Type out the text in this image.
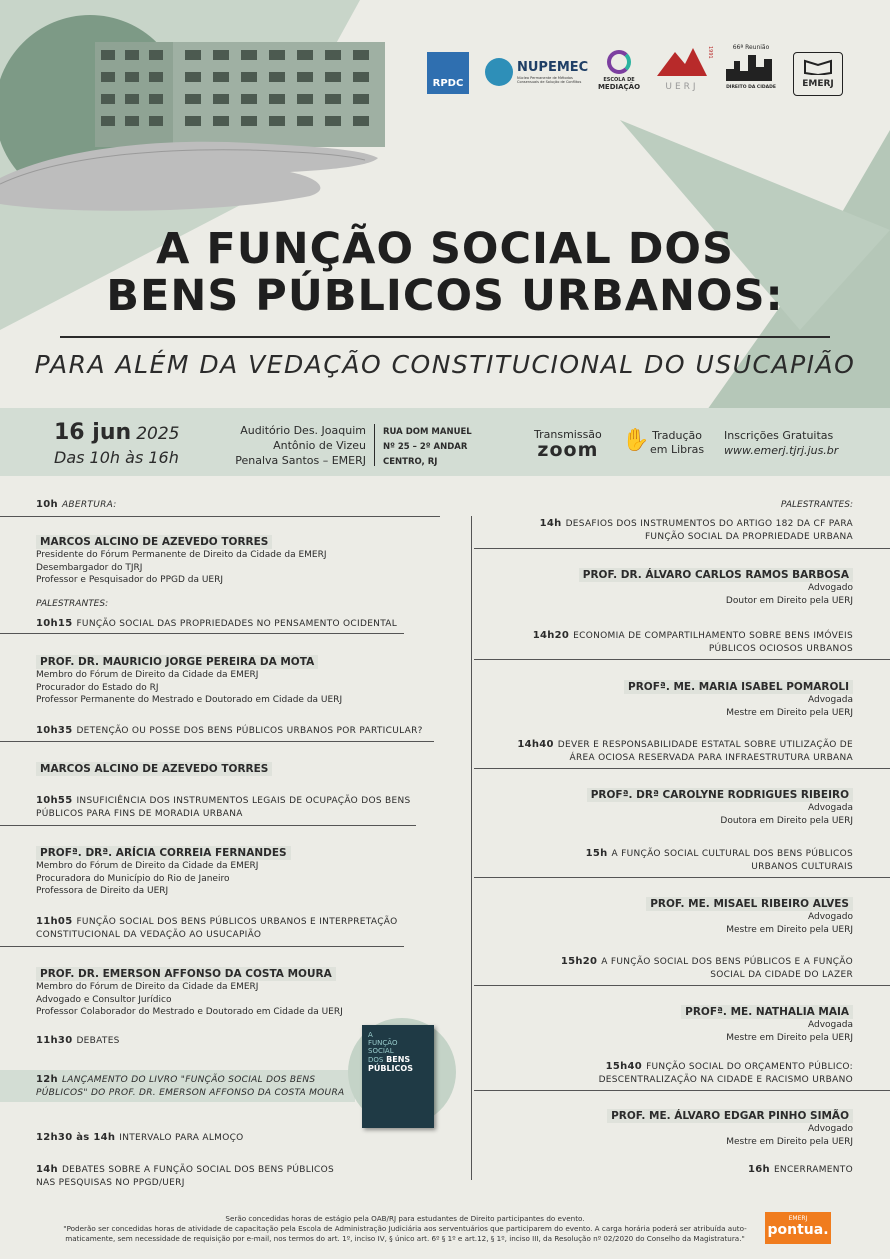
RPDC
NUPEMEC
Núcleo Permanente de Métodos Consensuais de Solução de Conflitos	ESCOLA DE
MEDIAÇÃO
PPGD
UERJ
1991	66ª Reunião
DIREITO DA CIDADE	EMERJ
A FUNÇÃO SOCIAL DOS
BENS PÚBLICOS URBANOS:
PARA ALÉM DA VEDAÇÃO CONSTITUCIONAL DO USUCAPIÃO
16 jun 2025
Das 10h às 16h
Auditório Des. Joaquim
Antônio de Vizeu
Penalva Santos – EMERJ
RUA DOM MANUEL
Nº 25 – 2º ANDAR
CENTRO, RJ
Transmissão
zoom ✋ Tradução
em Libras
Inscrições Gratuitas
www.emerj.tjrj.jus.br
10h ABERTURA:
MARCOS ALCINO DE AZEVEDO TORRES
Presidente do Fórum Permanente de Direito da Cidade da EMERJ
Desembargador do TJRJ
Professor e Pesquisador do PPGD da UERJ
PALESTRANTES:
10h15 FUNÇÃO SOCIAL DAS PROPRIEDADES NO PENSAMENTO OCIDENTAL
PROF. DR. MAURICIO JORGE PEREIRA DA MOTA
Membro do Fórum de Direito da Cidade da EMERJ
Procurador do Estado do RJ
Professor Permanente do Mestrado e Doutorado em Cidade da UERJ
10h35 DETENÇÃO OU POSSE DOS BENS PÚBLICOS URBANOS POR PARTICULAR?
MARCOS ALCINO DE AZEVEDO TORRES
10h55 INSUFICIÊNCIA DOS INSTRUMENTOS LEGAIS DE OCUPAÇÃO DOS BENS
PÚBLICOS PARA FINS DE MORADIA URBANA
PROFª. DRª. ARÍCIA CORREIA FERNANDES
Membro do Fórum de Direito da Cidade da EMERJ
Procuradora do Município do Rio de Janeiro
Professora de Direito da UERJ
11h05 FUNÇÃO SOCIAL DOS BENS PÚBLICOS URBANOS E INTERPRETAÇÃO
CONSTITUCIONAL DA VEDAÇÃO AO USUCAPIÃO
PROF. DR. EMERSON AFFONSO DA COSTA MOURA
Membro do Fórum de Direito da Cidade da EMERJ
Advogado e Consultor Jurídico
Professor Colaborador do Mestrado e Doutorado em Cidade da UERJ
11h30 DEBATES
12h LANÇAMENTO DO LIVRO "FUNÇÃO SOCIAL DOS BENS
PÚBLICOS" DO PROF. DR. EMERSON AFFONSO DA COSTA MOURA
A
FUNÇÃO
SOCIAL
DOS BENS
PÚBLICOS
12h30 às 14h INTERVALO PARA ALMOÇO
14h DEBATES SOBRE A FUNÇÃO SOCIAL DOS BENS PÚBLICOS
NAS PESQUISAS NO PPGD/UERJ
PALESTRANTES:
14h DESAFIOS DOS INSTRUMENTOS DO ARTIGO 182 DA CF PARA
FUNÇÃO SOCIAL DA PROPRIEDADE URBANA
PROF. DR. ÁLVARO CARLOS RAMOS BARBOSA
Advogado
Doutor em Direito pela UERJ
14h20 ECONOMIA DE COMPARTILHAMENTO SOBRE BENS IMÓVEIS
PÚBLICOS OCIOSOS URBANOS
PROFª. ME. MARIA ISABEL POMAROLI
Advogada
Mestre em Direito pela UERJ
14h40 DEVER E RESPONSABILIDADE ESTATAL SOBRE UTILIZAÇÃO DE
ÁREA OCIOSA RESERVADA PARA INFRAESTRUTURA URBANA
PROFª. DRª CAROLYNE RODRIGUES RIBEIRO
Advogada
Doutora em Direito pela UERJ
15h A FUNÇÃO SOCIAL CULTURAL DOS BENS PÚBLICOS
URBANOS CULTURAIS
PROF. ME. MISAEL RIBEIRO ALVES
Advogado
Mestre em Direito pela UERJ
15h20 A FUNÇÃO SOCIAL DOS BENS PÚBLICOS E A FUNÇÃO
SOCIAL DA CIDADE DO LAZER
PROFª. ME. NATHALIA MAIA
Advogada
Mestre em Direito pela UERJ
15h40 FUNÇÃO SOCIAL DO ORÇAMENTO PÚBLICO:
DESCENTRALIZAÇÃO NA CIDADE E RACISMO URBANO
PROF. ME. ÁLVARO EDGAR PINHO SIMÃO
Advogado
Mestre em Direito pela UERJ
16h ENCERRAMENTO
Serão concedidas horas de estágio pela OAB/RJ para estudantes de Direito participantes do evento.
"Poderão ser concedidas horas de atividade de capacitação pela Escola de Administração Judiciária aos serventuários que participarem do evento. A carga horária poderá ser atribuída auto-
maticamente, sem necessidade de requisição por e-mail, nos termos do art. 1º, inciso IV, § único art. 6º § 1º e art.12, § 1º, inciso III, da Resolução nº 02/2020 do Conselho da Magistratura."
EMERJ
pontua.
